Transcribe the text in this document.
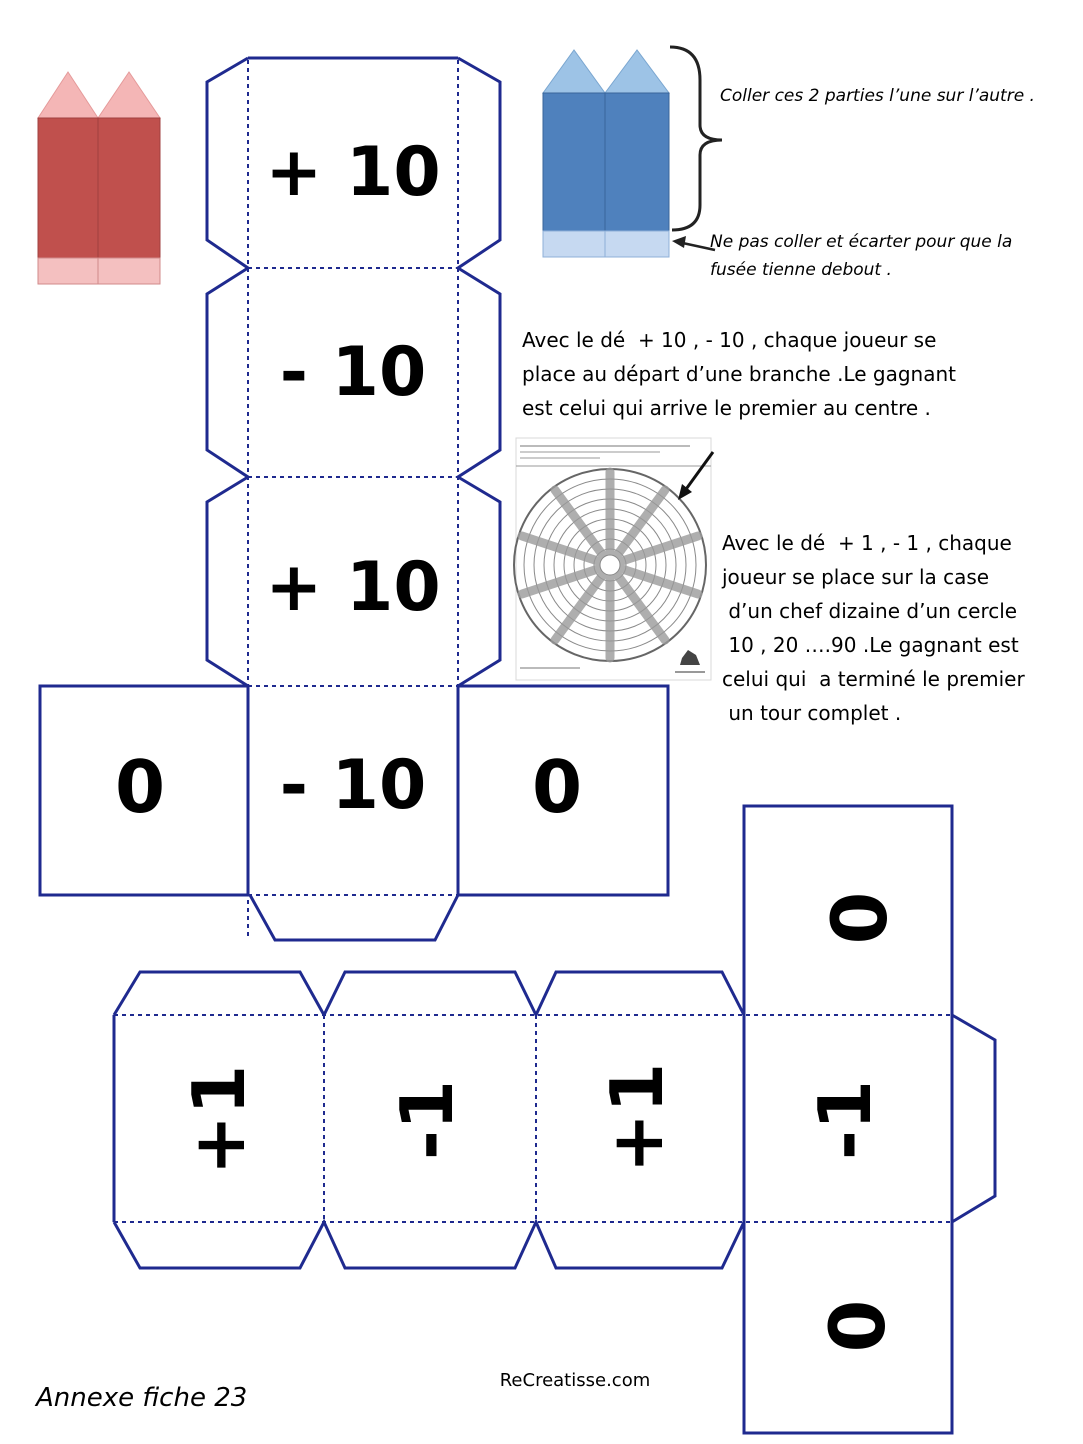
Coller ces 2 parties l’une sur l’autre .
Ne pas coller et écarter pour que la
fusée tienne debout .
+ 10
- 10
+ 10
- 10
0	0
Avec le dé  + 10 , - 10 , chaque joueur se
place au départ d’une branche .Le gagnant
est celui qui arrive le premier au centre .
Avec le dé  + 1 , - 1 , chaque
joueur se place sur la case
d’un chef dizaine d’un cercle
10 , 20 ….90 .Le gagnant est
celui qui  a terminé le premier
un tour complet .
+1 -1 +1 -1
0
0
Annexe fiche 23
ReCreatisse.com
